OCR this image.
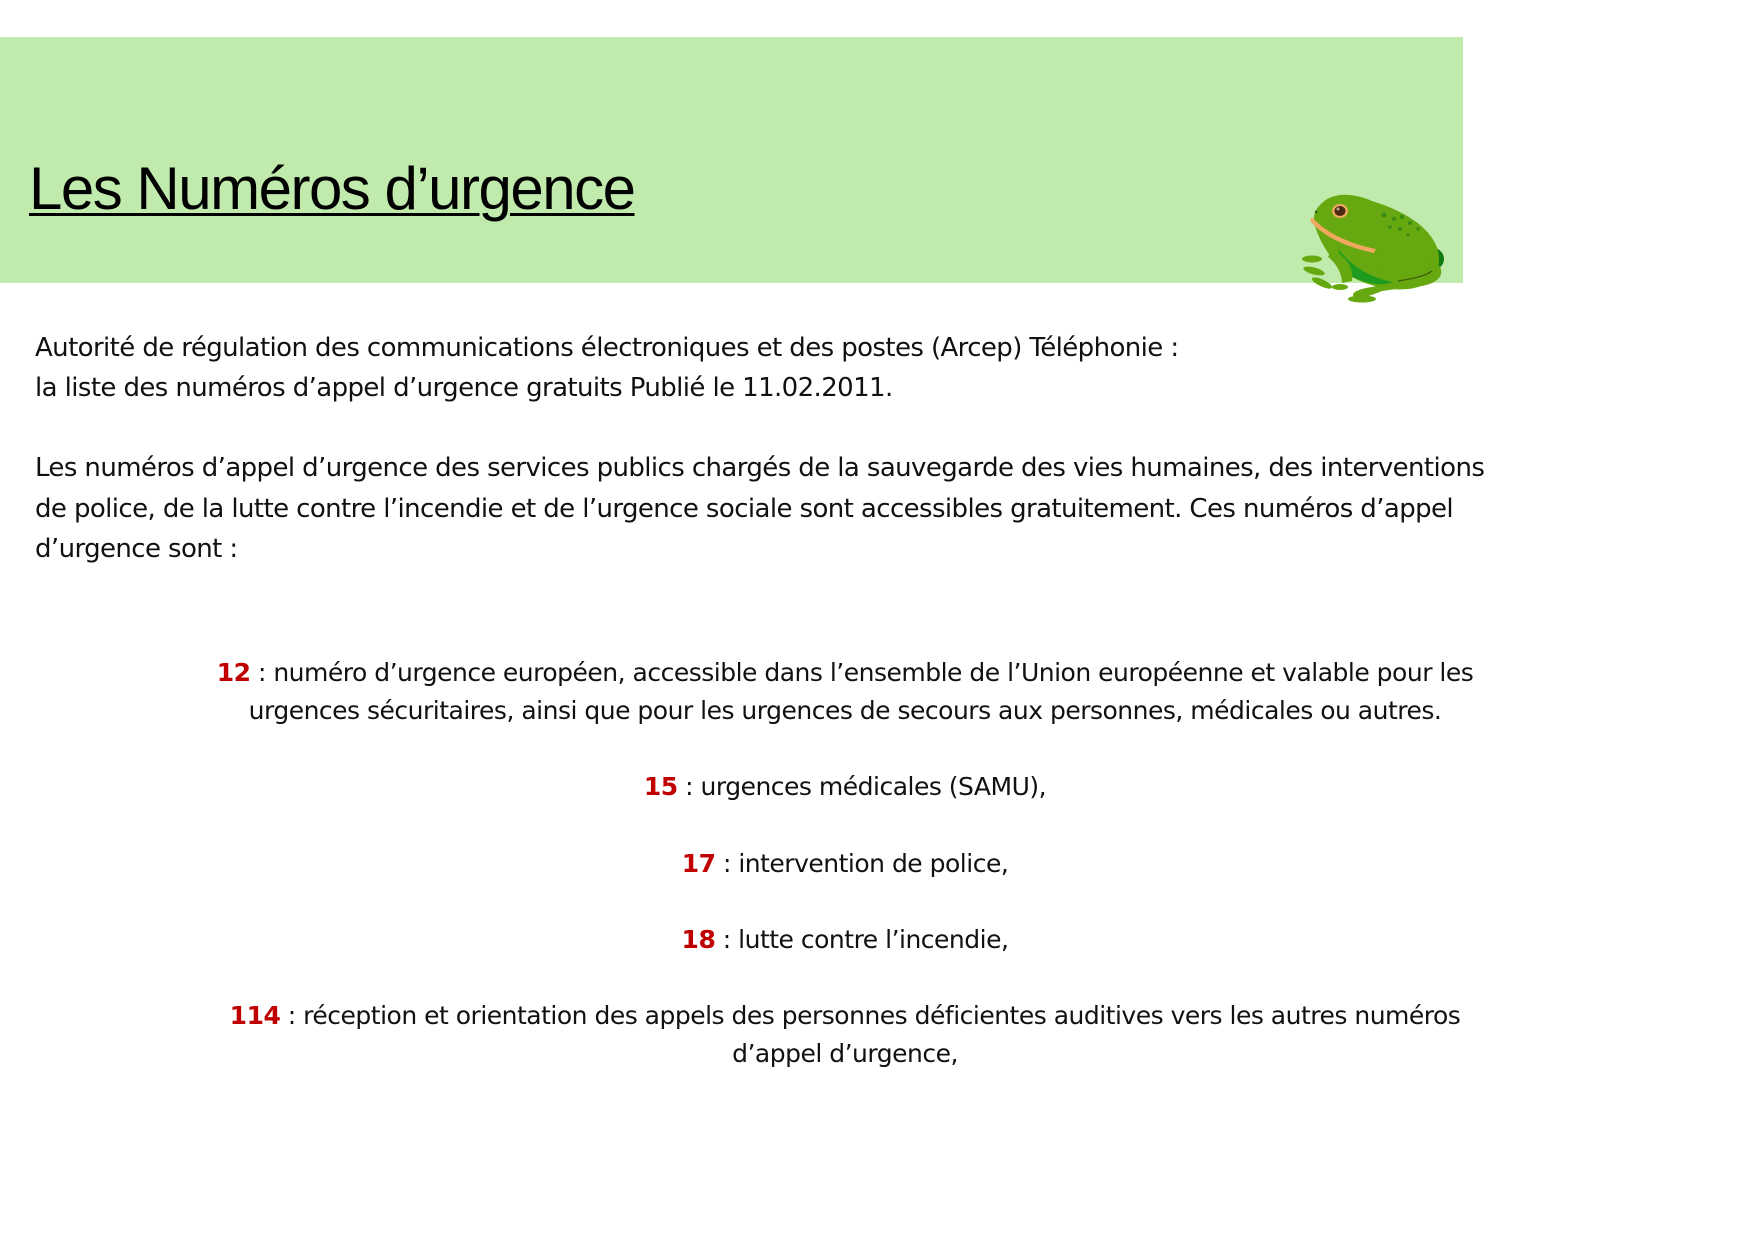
Les Numéros d’urgence

Autorité de régulation des communications électroniques et des postes (Arcep) Téléphonie :
la liste des numéros d’appel d’urgence gratuits Publié le 11.02.2011.

Les numéros d’appel d’urgence des services publics chargés de la sauvegarde des vies humaines, des interventions
de police, de la lutte contre l’incendie et de l’urgence sociale sont accessibles gratuitement. Ces numéros d’appel
d’urgence sont :

12 : numéro d’urgence européen, accessible dans l’ensemble de l’Union européenne et valable pour les
urgences sécuritaires, ainsi que pour les urgences de secours aux personnes, médicales ou autres.
15 : urgences médicales (SAMU),
17 : intervention de police,
18 : lutte contre l’incendie,
114 : réception et orientation des appels des personnes déficientes auditives vers les autres numéros
d’appel d’urgence,
